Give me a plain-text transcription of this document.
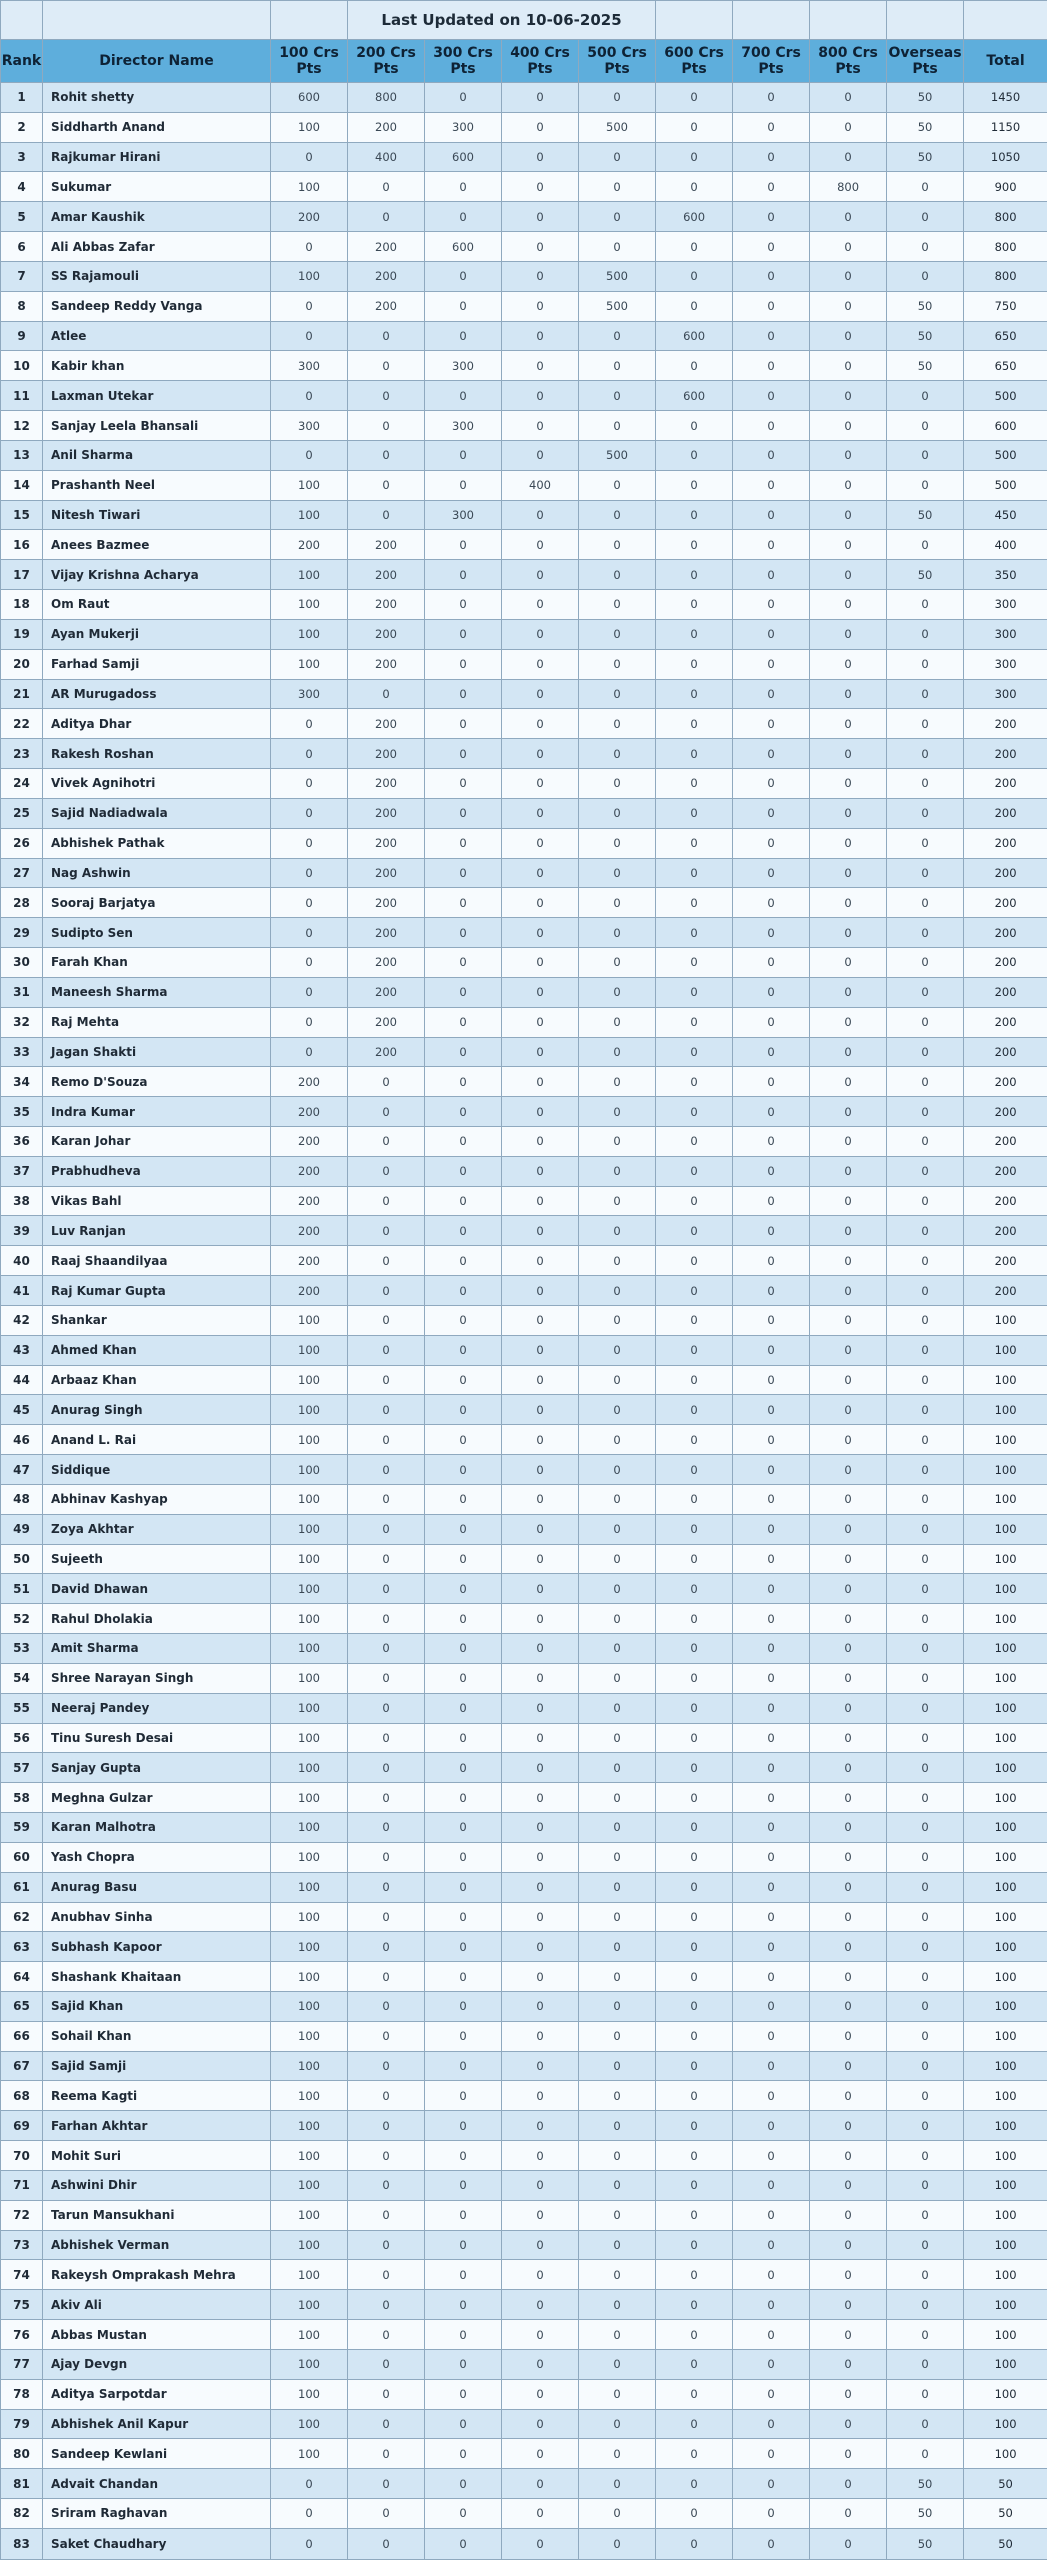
			Last Updated on 10-06-2025								
Rank	Director Name	100 Crs Pts	200 Crs Pts	300 Crs Pts	400 Crs Pts	500 Crs Pts	600 Crs Pts	700 Crs Pts	800 Crs Pts	Overseas Pts	Total
1	Rohit shetty	600	800	0	0	0	0	0	0	50	1450
2	Siddharth Anand	100	200	300	0	500	0	0	0	50	1150
3	Rajkumar Hirani	0	400	600	0	0	0	0	0	50	1050
4	Sukumar	100	0	0	0	0	0	0	800	0	900
5	Amar Kaushik	200	0	0	0	0	600	0	0	0	800
6	Ali Abbas Zafar	0	200	600	0	0	0	0	0	0	800
7	SS Rajamouli	100	200	0	0	500	0	0	0	0	800
8	Sandeep Reddy Vanga	0	200	0	0	500	0	0	0	50	750
9	Atlee	0	0	0	0	0	600	0	0	50	650
10	Kabir khan	300	0	300	0	0	0	0	0	50	650
11	Laxman Utekar	0	0	0	0	0	600	0	0	0	500
12	Sanjay Leela Bhansali	300	0	300	0	0	0	0	0	0	600
13	Anil Sharma	0	0	0	0	500	0	0	0	0	500
14	Prashanth Neel	100	0	0	400	0	0	0	0	0	500
15	Nitesh Tiwari	100	0	300	0	0	0	0	0	50	450
16	Anees Bazmee	200	200	0	0	0	0	0	0	0	400
17	Vijay Krishna Acharya	100	200	0	0	0	0	0	0	50	350
18	Om Raut	100	200	0	0	0	0	0	0	0	300
19	Ayan Mukerji	100	200	0	0	0	0	0	0	0	300
20	Farhad Samji	100	200	0	0	0	0	0	0	0	300
21	AR Murugadoss	300	0	0	0	0	0	0	0	0	300
22	Aditya Dhar	0	200	0	0	0	0	0	0	0	200
23	Rakesh Roshan	0	200	0	0	0	0	0	0	0	200
24	Vivek Agnihotri	0	200	0	0	0	0	0	0	0	200
25	Sajid Nadiadwala	0	200	0	0	0	0	0	0	0	200
26	Abhishek Pathak	0	200	0	0	0	0	0	0	0	200
27	Nag Ashwin	0	200	0	0	0	0	0	0	0	200
28	Sooraj Barjatya	0	200	0	0	0	0	0	0	0	200
29	Sudipto Sen	0	200	0	0	0	0	0	0	0	200
30	Farah Khan	0	200	0	0	0	0	0	0	0	200
31	Maneesh Sharma	0	200	0	0	0	0	0	0	0	200
32	Raj Mehta	0	200	0	0	0	0	0	0	0	200
33	Jagan Shakti	0	200	0	0	0	0	0	0	0	200
34	Remo D'Souza	200	0	0	0	0	0	0	0	0	200
35	Indra Kumar	200	0	0	0	0	0	0	0	0	200
36	Karan Johar	200	0	0	0	0	0	0	0	0	200
37	Prabhudheva	200	0	0	0	0	0	0	0	0	200
38	Vikas Bahl	200	0	0	0	0	0	0	0	0	200
39	Luv Ranjan	200	0	0	0	0	0	0	0	0	200
40	Raaj Shaandilyaa	200	0	0	0	0	0	0	0	0	200
41	Raj Kumar Gupta	200	0	0	0	0	0	0	0	0	200
42	Shankar	100	0	0	0	0	0	0	0	0	100
43	Ahmed Khan	100	0	0	0	0	0	0	0	0	100
44	Arbaaz Khan	100	0	0	0	0	0	0	0	0	100
45	Anurag Singh	100	0	0	0	0	0	0	0	0	100
46	Anand L. Rai	100	0	0	0	0	0	0	0	0	100
47	Siddique	100	0	0	0	0	0	0	0	0	100
48	Abhinav Kashyap	100	0	0	0	0	0	0	0	0	100
49	Zoya Akhtar	100	0	0	0	0	0	0	0	0	100
50	Sujeeth	100	0	0	0	0	0	0	0	0	100
51	David Dhawan	100	0	0	0	0	0	0	0	0	100
52	Rahul Dholakia	100	0	0	0	0	0	0	0	0	100
53	Amit Sharma	100	0	0	0	0	0	0	0	0	100
54	Shree Narayan Singh	100	0	0	0	0	0	0	0	0	100
55	Neeraj Pandey	100	0	0	0	0	0	0	0	0	100
56	Tinu Suresh Desai	100	0	0	0	0	0	0	0	0	100
57	Sanjay Gupta	100	0	0	0	0	0	0	0	0	100
58	Meghna Gulzar	100	0	0	0	0	0	0	0	0	100
59	Karan Malhotra	100	0	0	0	0	0	0	0	0	100
60	Yash Chopra	100	0	0	0	0	0	0	0	0	100
61	Anurag Basu	100	0	0	0	0	0	0	0	0	100
62	Anubhav Sinha	100	0	0	0	0	0	0	0	0	100
63	Subhash Kapoor	100	0	0	0	0	0	0	0	0	100
64	Shashank Khaitaan	100	0	0	0	0	0	0	0	0	100
65	Sajid Khan	100	0	0	0	0	0	0	0	0	100
66	Sohail Khan	100	0	0	0	0	0	0	0	0	100
67	Sajid Samji	100	0	0	0	0	0	0	0	0	100
68	Reema Kagti	100	0	0	0	0	0	0	0	0	100
69	Farhan Akhtar	100	0	0	0	0	0	0	0	0	100
70	Mohit Suri	100	0	0	0	0	0	0	0	0	100
71	Ashwini Dhir	100	0	0	0	0	0	0	0	0	100
72	Tarun Mansukhani	100	0	0	0	0	0	0	0	0	100
73	Abhishek Verman	100	0	0	0	0	0	0	0	0	100
74	Rakeysh Omprakash Mehra	100	0	0	0	0	0	0	0	0	100
75	Akiv Ali	100	0	0	0	0	0	0	0	0	100
76	Abbas Mustan	100	0	0	0	0	0	0	0	0	100
77	Ajay Devgn	100	0	0	0	0	0	0	0	0	100
78	Aditya Sarpotdar	100	0	0	0	0	0	0	0	0	100
79	Abhishek Anil Kapur	100	0	0	0	0	0	0	0	0	100
80	Sandeep Kewlani	100	0	0	0	0	0	0	0	0	100
81	Advait Chandan	0	0	0	0	0	0	0	0	50	50
82	Sriram Raghavan	0	0	0	0	0	0	0	0	50	50
83	Saket Chaudhary	0	0	0	0	0	0	0	0	50	50
